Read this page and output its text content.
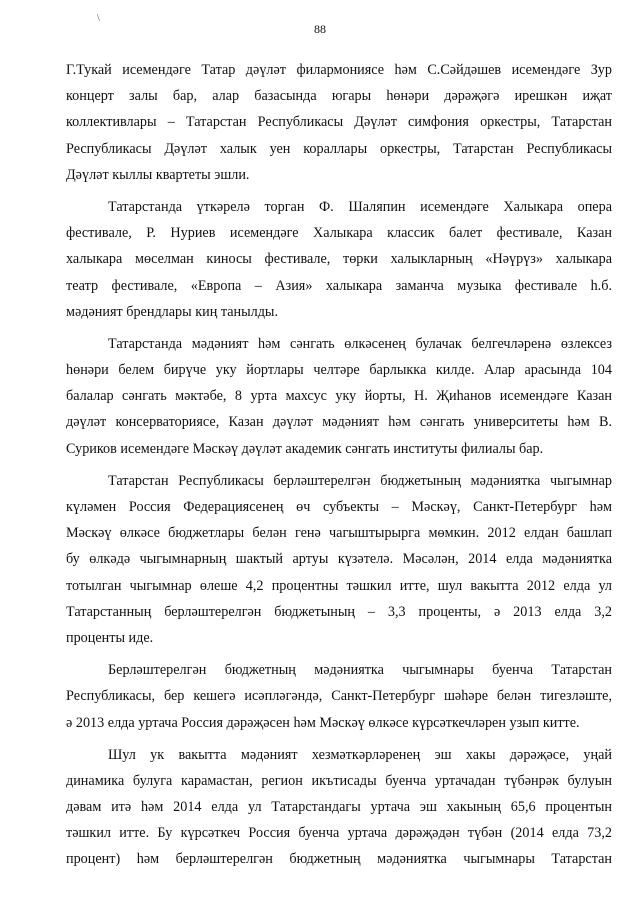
\
88
Г.Тукай исемендәге Татар дәүләт филармониясе һәм С.Сәйдәшев исемендәге Зур
концерт залы бар, алар базасында югары һөнәри дәрәҗәгә ирешкән иҗат
коллективлары – Татарстан Республикасы Дәүләт симфония оркестры, Татарстан
Республикасы Дәүләт халык уен кораллары оркестры, Татарстан Республикасы
Дәүләт кыллы квартеты эшли.
Татарстанда үткәрелә торган Ф. Шаляпин исемендәге Халыкара опера
фестивале, Р. Нуриев исемендәге Халыкара классик балет фестивале, Казан
халыкара мөселман киносы фестивале, төрки халыкларның «Нәүрүз» халыкара
театр фестивале, «Европа – Азия» халыкара заманча музыка фестивале һ.б.
мәдәният брендлары киң танылды.
Татарстанда мәдәният һәм сәнгать өлкәсенең булачак белгечләренә өзлексез
һөнәри белем бирүче уку йортлары челтәре барлыкка килде. Алар арасында 104
балалар сәнгать мәктәбе, 8 урта махсус уку йорты, Н. Җиһанов исемендәге Казан
дәүләт консерваториясе, Казан дәүләт мәдәният һәм сәнгать университеты һәм В.
Суриков исемендәге Мәскәү дәүләт академик сәнгать институты филиалы бар.
Татарстан Республикасы берләштерелгән бюджетының мәдәниятка чыгымнар
күләмен Россия Федерациясенең өч субъекты – Мәскәү, Санкт-Петербург һәм
Мәскәү өлкәсе бюджетлары белән генә чагыштырырга мөмкин. 2012 елдан башлап
бу өлкәдә чыгымнарның шактый артуы күзәтелә. Мәсәлән, 2014 елда мәдәниятка
тотылган чыгымнар өлеше 4,2 процентны тәшкил итте, шул вакытта 2012 елда ул
Татарстанның берләштерелгән бюджетының – 3,3 проценты, ә 2013 елда 3,2
проценты иде.
Берләштерелгән бюджетның мәдәниятка чыгымнары буенча Татарстан
Республикасы, бер кешегә исәпләгәндә, Санкт-Петербург шәһәре белән тигезләште,
ә 2013 елда уртача Россия дәрәҗәсен һәм Мәскәү өлкәсе күрсәткечләрен узып китте.
Шул ук вакытта мәдәният хезмәткәрләренең эш хакы дәрәҗәсе, уңай
динамика булуга карамастан, регион икътисады буенча уртачадан түбәнрәк булуын
дәвам итә һәм 2014 елда ул Татарстандагы уртача эш хакының 65,6 процентын
тәшкил итте. Бу күрсәткеч Россия буенча уртача дәрәҗәдән түбән (2014 елда 73,2
процент) һәм берләштерелгән бюджетның мәдәниятка чыгымнары Татарстан
